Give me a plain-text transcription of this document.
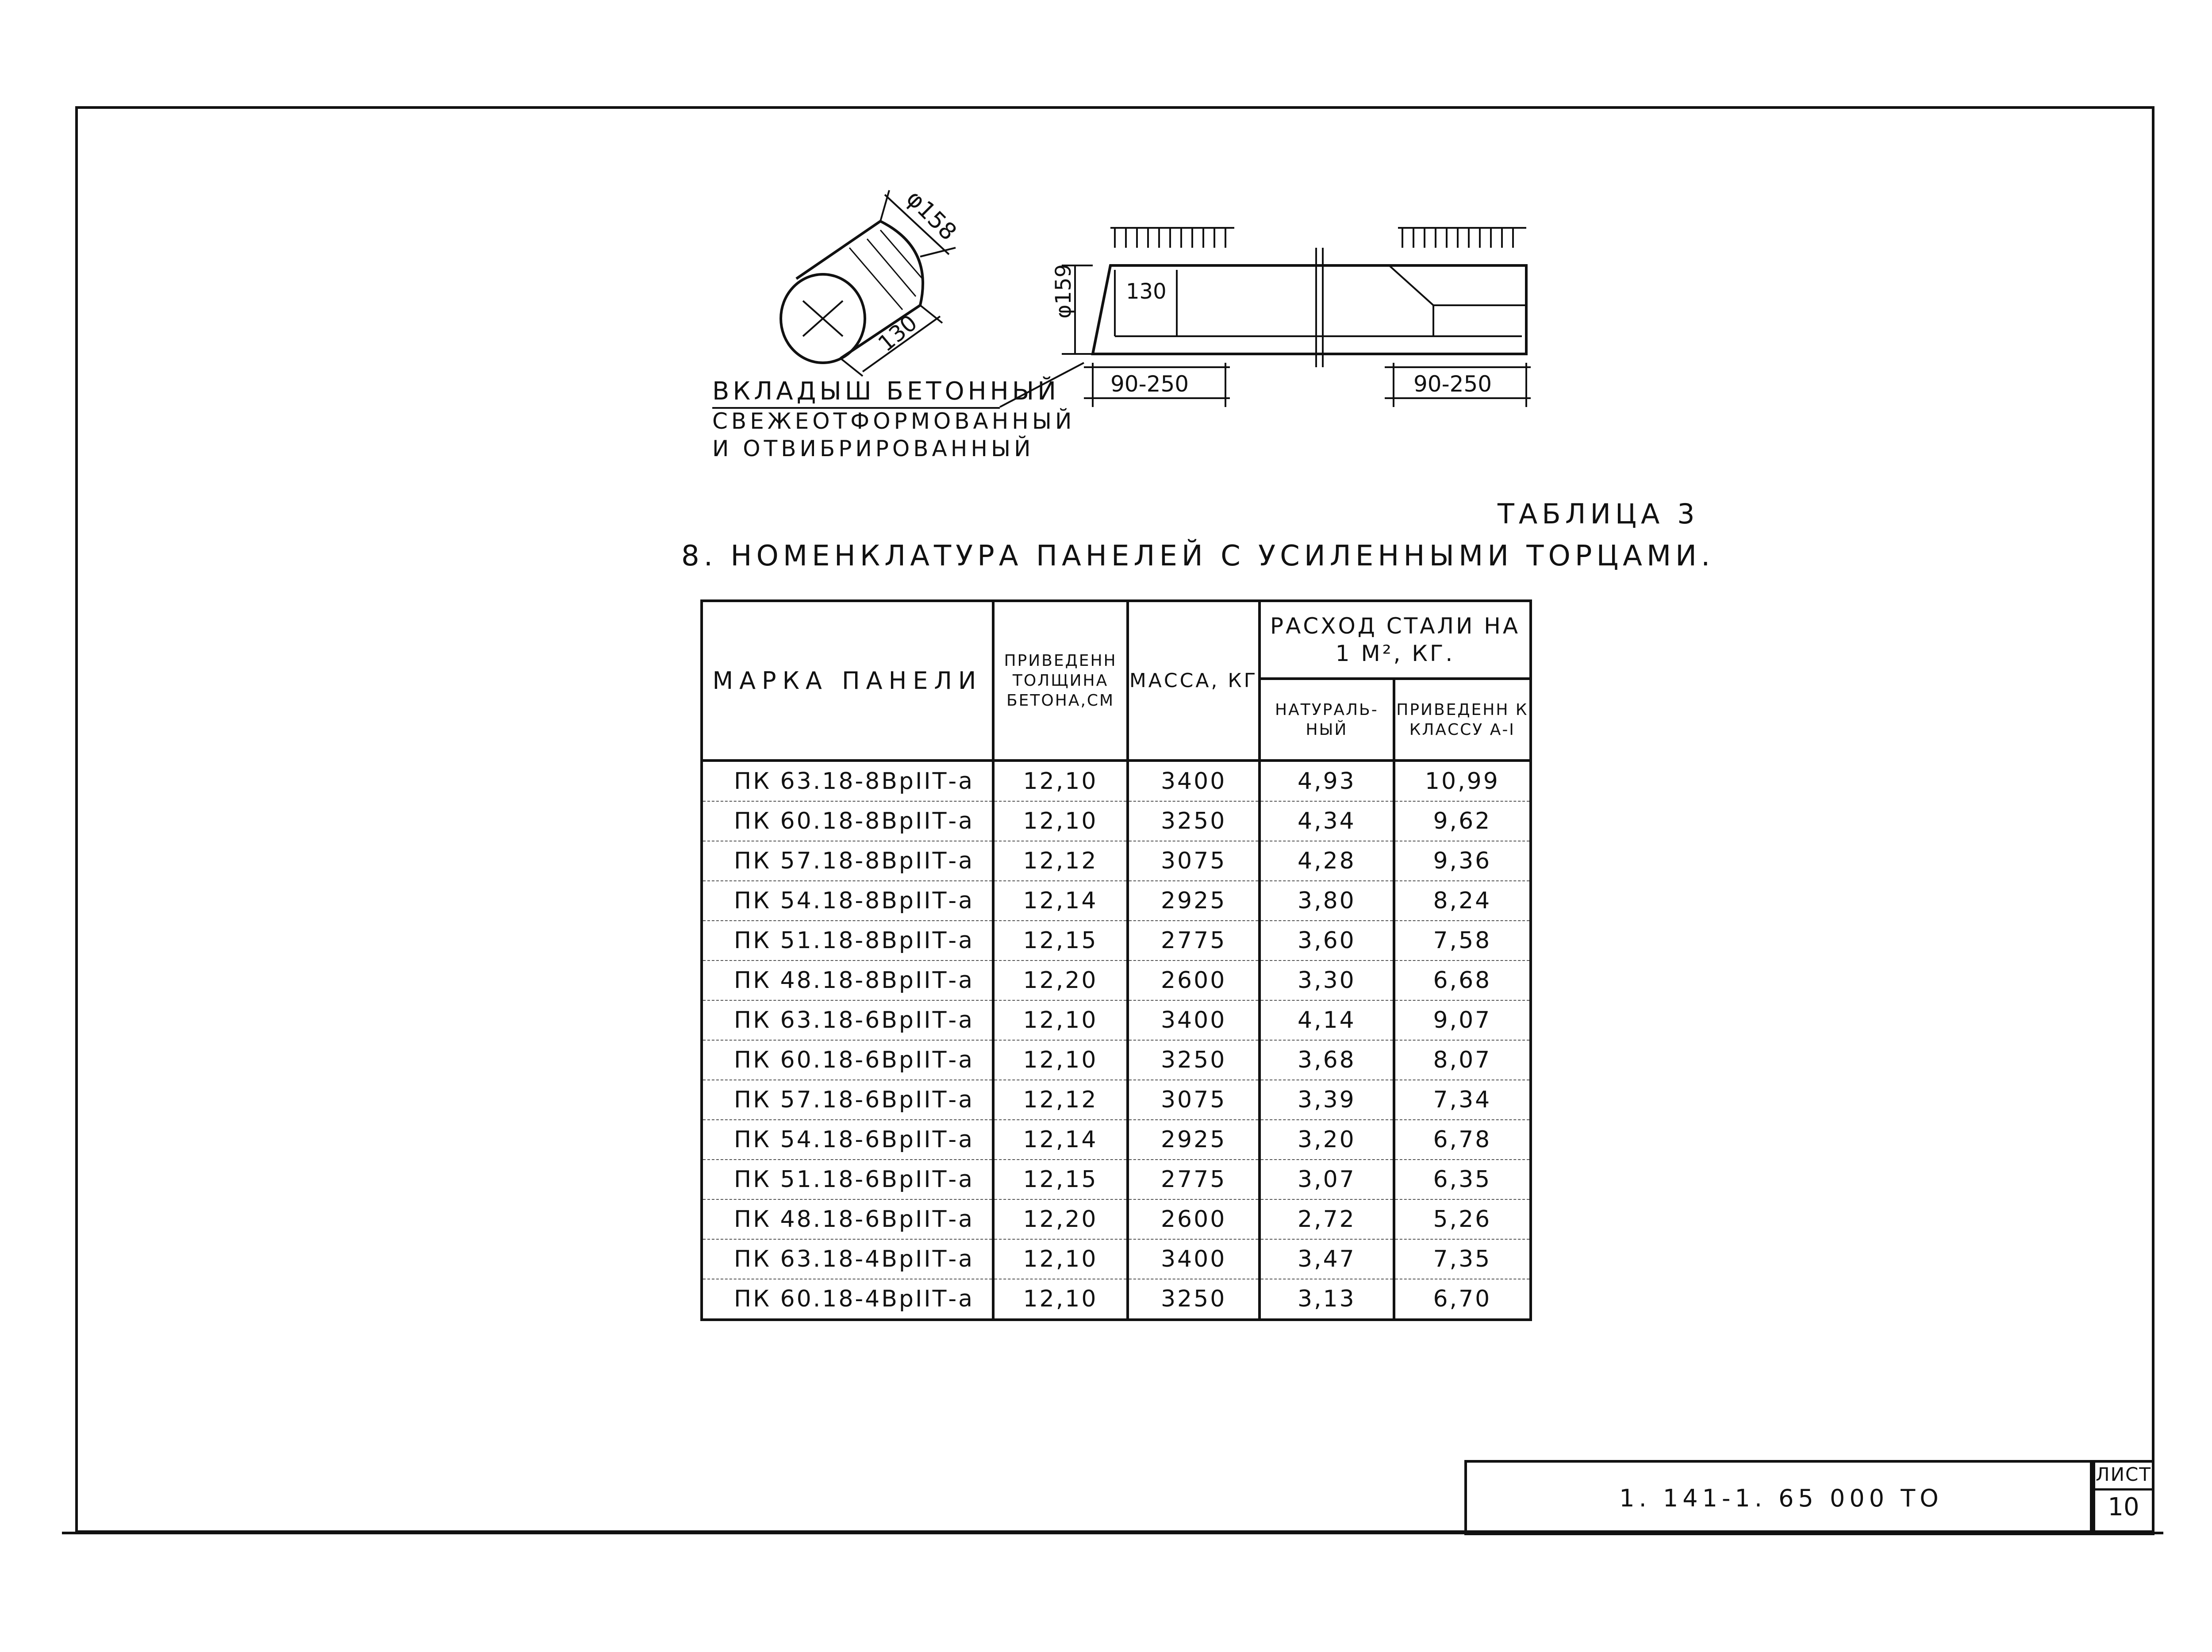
φ158
130
φ159 130
90-250	90-250
ВКЛАДЫШ БЕТОННЫЙ
СВЕЖЕОТФОРМОВАННЫЙ
И ОТВИБРИРОВАННЫЙ
ТАБЛИЦА 3
8. НОМЕНКЛАТУРА ПАНЕЛЕЙ С УСИЛЕННЫМИ ТОРЦАМИ.
МАРКА ПАНЕЛИ	ПРИВЕДЕНН ТОЛЩИНА БЕТОНА,СМ	МАССА, КГ	РАСХОД СТАЛИ НА 1 М², КГ.	
			НАТУРАЛЬ-НЫЙ	ПРИВЕДЕНН К КЛАССУ А-I
ПК 63.18-8ВрIIТ-а	12,10	3400	4,93	10,99
ПК 60.18-8ВрIIТ-а	12,10	3250	4,34	9,62
ПК 57.18-8ВрIIТ-а	12,12	3075	4,28	9,36
ПК 54.18-8ВрIIТ-а	12,14	2925	3,80	8,24
ПК 51.18-8ВрIIТ-а	12,15	2775	3,60	7,58
ПК 48.18-8ВрIIТ-а	12,20	2600	3,30	6,68
ПК 63.18-6ВрIIТ-а	12,10	3400	4,14	9,07
ПК 60.18-6ВрIIТ-а	12,10	3250	3,68	8,07
ПК 57.18-6ВрIIТ-а	12,12	3075	3,39	7,34
ПК 54.18-6ВрIIТ-а	12,14	2925	3,20	6,78
ПК 51.18-6ВрIIТ-а	12,15	2775	3,07	6,35
ПК 48.18-6ВрIIТ-а	12,20	2600	2,72	5,26
ПК 63.18-4ВрIIТ-а	12,10	3400	3,47	7,35
ПК 60.18-4ВрIIТ-а	12,10	3250	3,13	6,70
1. 141-1. 65 000 ТО
ЛИСТ
10
